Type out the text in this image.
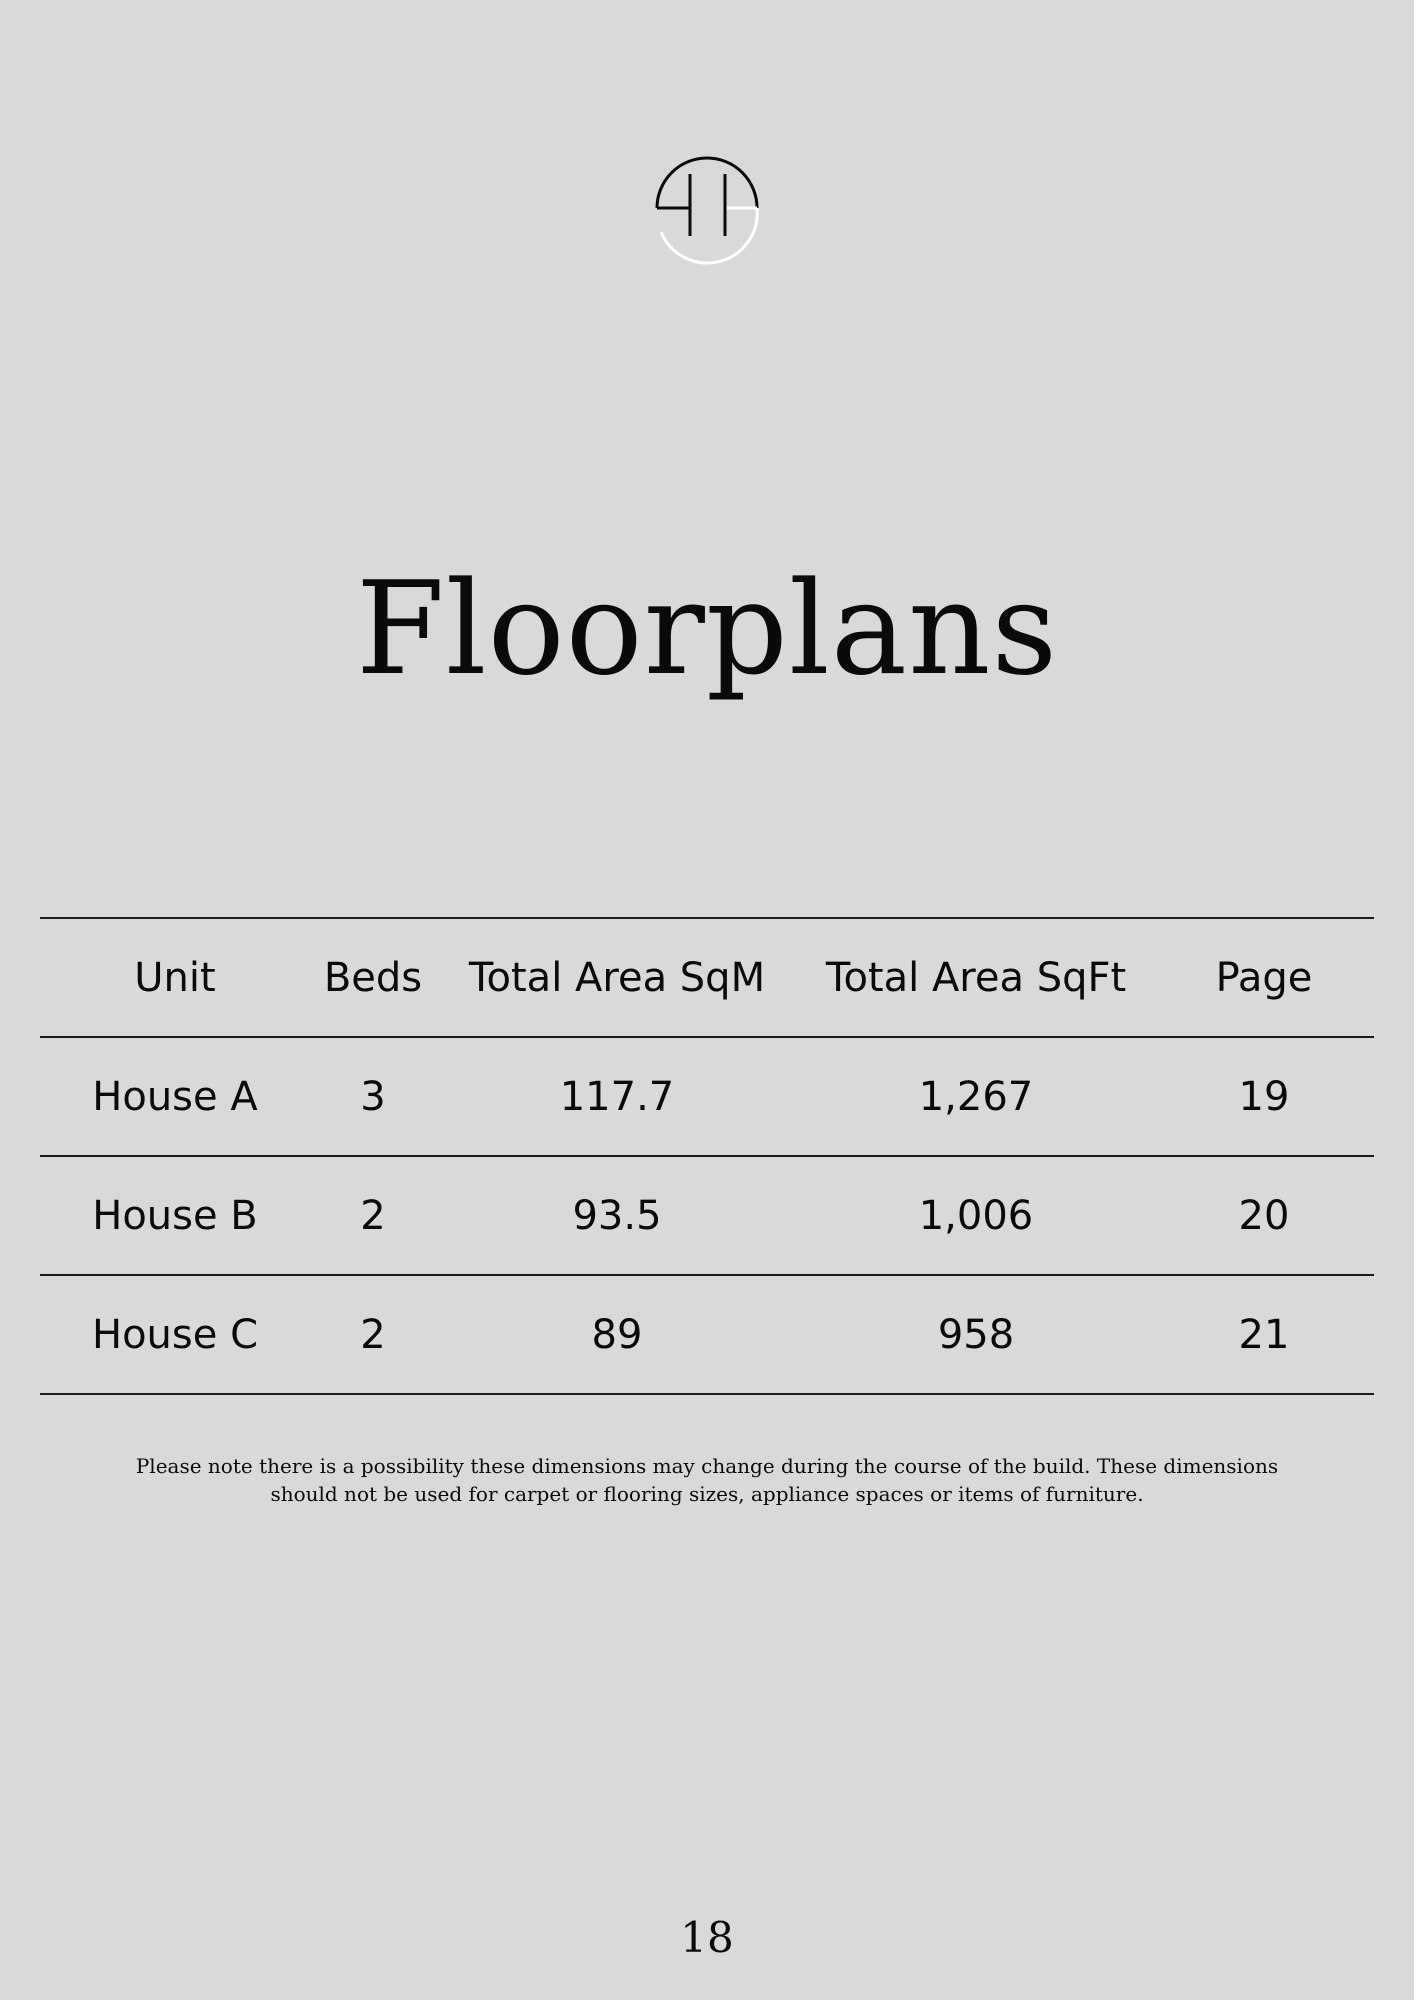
Floorplans
Unit	Beds	Total Area SqM	Total Area SqFt	Page
House A	3	117.7	1,267	19
House B	2	93.5	1,006	20
House C	2	89	958	21

Please note there is a possibility these dimensions may change during the course of the build. These dimensions
should not be used for carpet or flooring sizes, appliance spaces or items of furniture.

18
